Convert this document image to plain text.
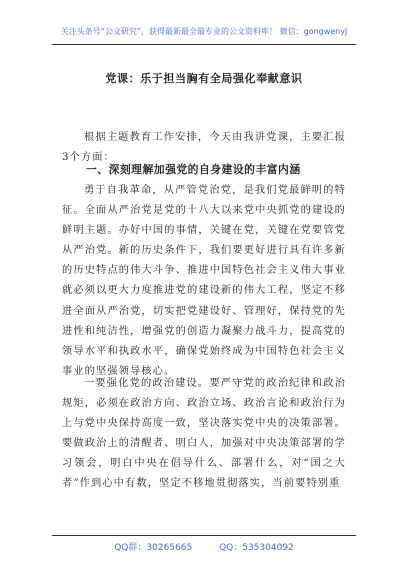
关注头条号“公文研究”，获得最新最全最专业的公文资料库！ 微信：gongwenyj
党课：乐于担当胸有全局强化奉献意识
根据主题教育工作安排，今天由我讲党课，主要汇报3个方面：
一、深刻理解加强党的自身建设的丰富内涵
勇于自我革命，从严管党治党，是我们党最鲜明的特征。全面从严治党是党的十八大以来党中央抓党的建设的鲜明主题。办好中国的事情，关键在党，关键在党要管党从严治党。新的历史条件下，我们要更好进行具有许多新的历史特点的伟大斗争、推进中国特色社会主义伟大事业就必须以更大力度推进党的建设新的伟大工程，坚定不移进全面从严治党，切实把党建设好、管理好，保持党的先进性和纯洁性，增强党的创造力凝聚力战斗力，提高党的领导水平和执政水平，确保党始终成为中国特色社会主义事业的坚强领导核心。
一要强化党的政治建设。要严守党的政治纪律和政治规矩，必须在政治方向、政治立场、政治言论和政治行为上与党中央保持高度一致，坚决落实党中央的决策部署。要做政治上的清醒者、明白人，加强对中央决策部署的学习领会，明白中央在倡导什么、部署什么，对“国之大者”作到心中有数，坚定不移地贯彻落实，当前要特别重
QQ群：30265665	QQ：535304092
